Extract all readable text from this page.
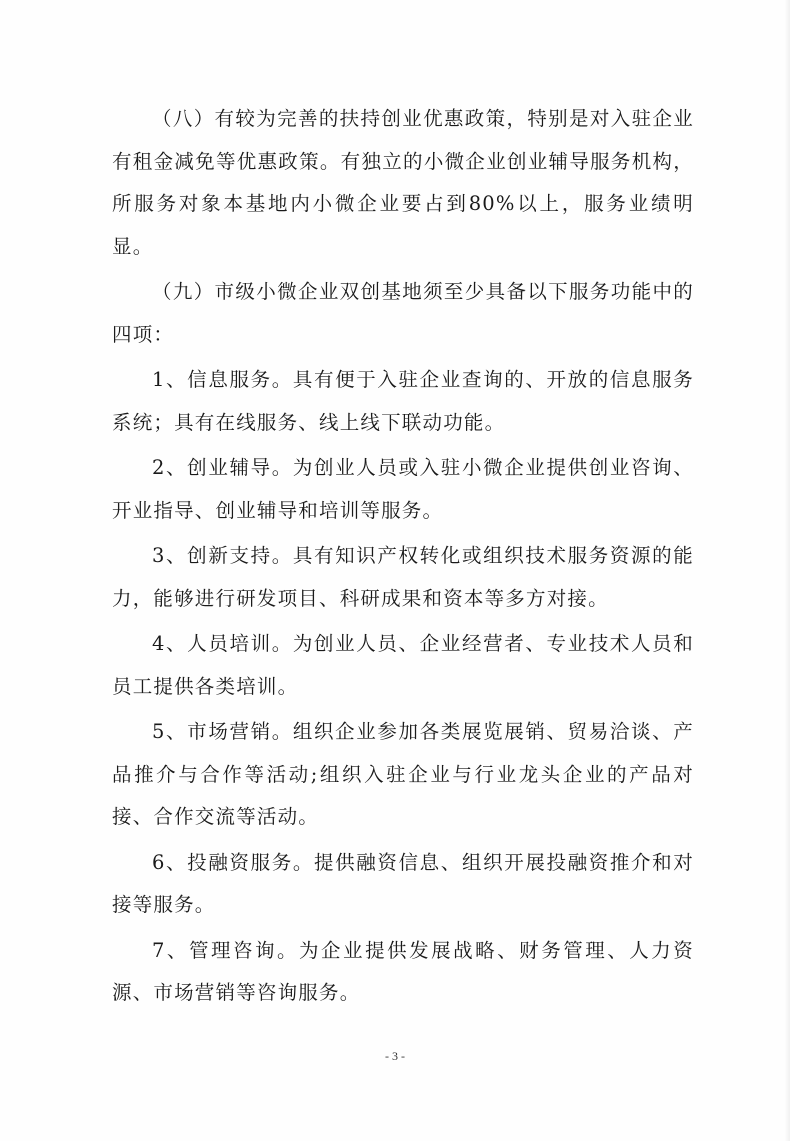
（八）有较为完善的扶持创业优惠政策，特别是对入驻企业有租金减免等优惠政策。有独立的小微企业创业辅导服务机构，所服务对象本基地内小微企业要占到80%以上，服务业绩明显。

（九）市级小微企业双创基地须至少具备以下服务功能中的四项：

1、信息服务。具有便于入驻企业查询的、开放的信息服务系统；具有在线服务、线上线下联动功能。

2、创业辅导。为创业人员或入驻小微企业提供创业咨询、开业指导、创业辅导和培训等服务。

3、创新支持。具有知识产权转化或组织技术服务资源的能力，能够进行研发项目、科研成果和资本等多方对接。

4、人员培训。为创业人员、企业经营者、专业技术人员和员工提供各类培训。

5、市场营销。组织企业参加各类展览展销、贸易洽谈、产品推介与合作等活动;组织入驻企业与行业龙头企业的产品对接、合作交流等活动。

6、投融资服务。提供融资信息、组织开展投融资推介和对接等服务。

7、管理咨询。为企业提供发展战略、财务管理、人力资源、市场营销等咨询服务。

- 3 -
